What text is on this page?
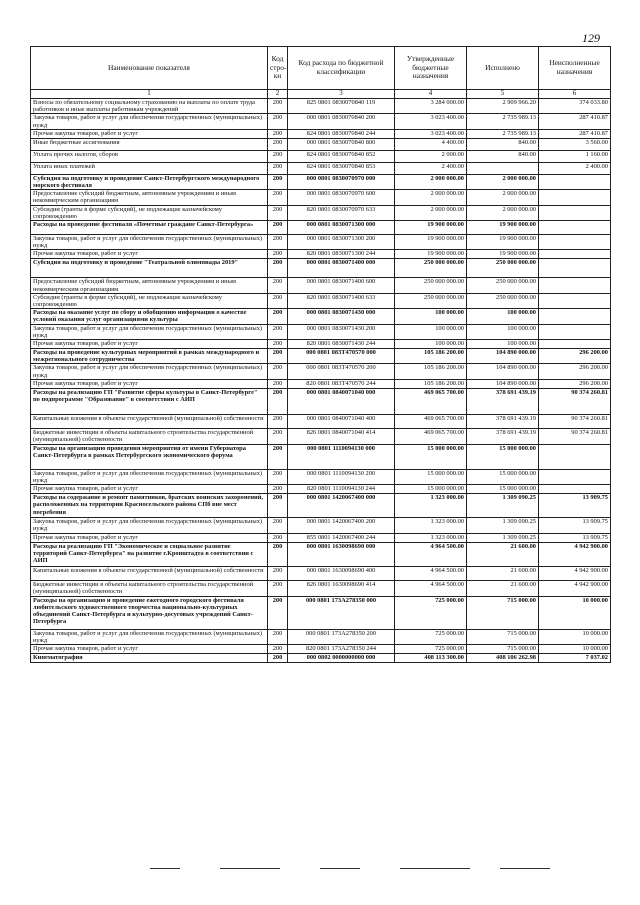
129
Наименование показателя	Код стро-ки	Код расхода по бюджетной классификации	Утвержденные бюджетные назначения	Исполнено	Неисполненные назначения
1	2	3	4	5	6
Взносы по обязательному социальному страхованию на выплаты по оплате труда работников и иные выплаты работникам учреждений	200	825 0801 0830070840 119	3 284 000.00	2 909 966.20	374 033.80
Закупка товаров, работ и услуг для обеспечения государственных (муниципальных) нужд	200	000 0801 0830070840 200	3 023 400.00	2 735 989.13	287 410.87
Прочая закупка товаров, работ и услуг	200	824 0801 0830070840 244	3 023 400.00	2 735 989.13	287 410.87
Иные бюджетные ассигнования	200	000 0801 0830070840 800	4 400.00	840.00	3 560.00
Уплата прочих налогов, сборов	200	824 0801 0830070840 852	2 000.00	840.00	1 160.00
Уплата иных платежей	200	824 0801 0830070840 853	2 400.00		2 400.00
Субсидия на подготовку и проведение Санкт-Петербургского международного морского фестиваля	200	000 0801 0830070970 000	2 000 000.00	2 000 000.00	
Предоставление субсидий бюджетным, автономным учреждениям и иным некоммерческим организациям	200	000 0801 0830070970 600	2 000 000.00	2 000 000.00	
Субсидии (гранты в форме субсидий), не подлежащие казначейскому сопровождению	200	820 0801 0830070970 633	2 000 000.00	2 000 000.00	
Расходы на проведение фестиваля «Почетные граждане Санкт-Петербурга»	200	000 0801 0830071300 000	19 900 000.00	19 900 000.00	
Закупка товаров, работ и услуг для обеспечения государственных (муниципальных) нужд	200	000 0801 0830071300 200	19 900 000.00	19 900 000.00	
Прочая закупка товаров, работ и услуг	200	820 0801 0830071300 244	19 900 000.00	19 900 000.00	
Субсидия на подготовку и проведение "Театральной олимпиады 2019"	200	000 0801 0830071400 000	250 000 000.00	250 000 000.00	
Предоставление субсидий бюджетным, автономным учреждениям и иным некоммерческим организациям	200	000 0801 0830071400 600	250 000 000.00	250 000 000.00	
Субсидии (гранты в форме субсидий), не подлежащие казначейскому сопровождению	200	820 0801 0830071400 633	250 000 000.00	250 000 000.00	
Расходы на оказание услуг по сбору и обобщению информации о качестве условий оказания услуг организациями культуры	200	000 0801 0830071430 000	100 000.00	100 000.00	
Закупка товаров, работ и услуг для обеспечения государственных (муниципальных) нужд	200	000 0801 0830071430 200	100 000.00	100 000.00	
Прочая закупка товаров, работ и услуг	200	820 0801 0830071430 244	100 000.00	100 000.00	
Расходы на проведение культурных мероприятий в рамках международного и межрегионального сотрудничества	200	000 0801 083Т470570 000	105 186 200.00	104 890 000.00	296 200.00
Закупка товаров, работ и услуг для обеспечения государственных (муниципальных) нужд	200	000 0801 083Т470570 200	105 186 200.00	104 890 000.00	296 200.00
Прочая закупка товаров, работ и услуг	200	820 0801 083Т470570 244	105 186 200.00	104 890 000.00	296 200.00
Расходы на реализацию ГП "Развитие сферы культуры в Санкт-Петербурге" по подпрограмме "Образование" в соответствии с АИП	200	000 0801 0840071040 000	469 065 700.00	378 691 439.19	90 374 260.81
Капитальные вложения в объекты государственной (муниципальной) собственности	200	000 0801 0840071040 400	469 065 700.00	378 691 439.19	90 374 260.81
Бюджетные инвестиции в объекты капитального строительства государственной (муниципальной) собственности	200	826 0801 0840071040 414	469 065 700.00	378 691 439.19	90 374 260.81
Расходы на организацию проведения мероприятия от имени Губернатора Санкт-Петербурга в рамках Петербургского экономического форума	200	000 0801 1110094130 000	15 000 000.00	15 000 000.00	
Закупка товаров, работ и услуг для обеспечения государственных (муниципальных) нужд	200	000 0801 1110094130 200	15 000 000.00	15 000 000.00	
Прочая закупка товаров, работ и услуг	200	820 0801 1110094130 244	15 000 000.00	15 000 000.00	
Расходы на содержание и ремонт памятников, братских воинских захоронений, расположенных на территории Красносельского района СПб вне мест погребения	200	000 0801 1420067400 000	1 323 000.00	1 309 090.25	13 909.75
Закупка товаров, работ и услуг для обеспечения государственных (муниципальных) нужд	200	000 0801 1420067400 200	1 323 000.00	1 309 090.25	13 909.75
Прочая закупка товаров, работ и услуг	200	855 0801 1420067400 244	1 323 000.00	1 309 090.25	13 909.75
Расходы на реализацию ГП "Экономическое и социальное развитие территорий Санкт-Петербурга" на развитие г.Кронштадта в соответствии с АИП	200	000 0801 1630098690 000	4 964 500.00	21 600.00	4 942 900.00
Капитальные вложения в объекты государственной (муниципальной) собственности	200	000 0801 1630098690 400	4 964 500.00	21 600.00	4 942 900.00
Бюджетные инвестиции в объекты капитального строительства государственной (муниципальной) собственности	200	826 0801 1630098690 414	4 964 500.00	21 600.00	4 942 900.00
Расходы на организацию и проведение ежегодного городского фестиваля любительского художественного творчества национально-культурных объединений Санкт-Петербурга и культурно-досуговых учреждений Санкт-Петербурга	200	000 0801 173А278350 000	725 000.00	715 000.00	10 000.00
Закупка товаров, работ и услуг для обеспечения государственных (муниципальных) нужд	200	000 0801 173А278350 200	725 000.00	715 000.00	10 000.00
Прочая закупка товаров, работ и услуг	200	820 0801 173А278350 244	725 000.00	715 000.00	10 000.00
Кинематография	200	000 0802 0000000000 000	408 113 300.00	408 106 262.98	7 037.02
